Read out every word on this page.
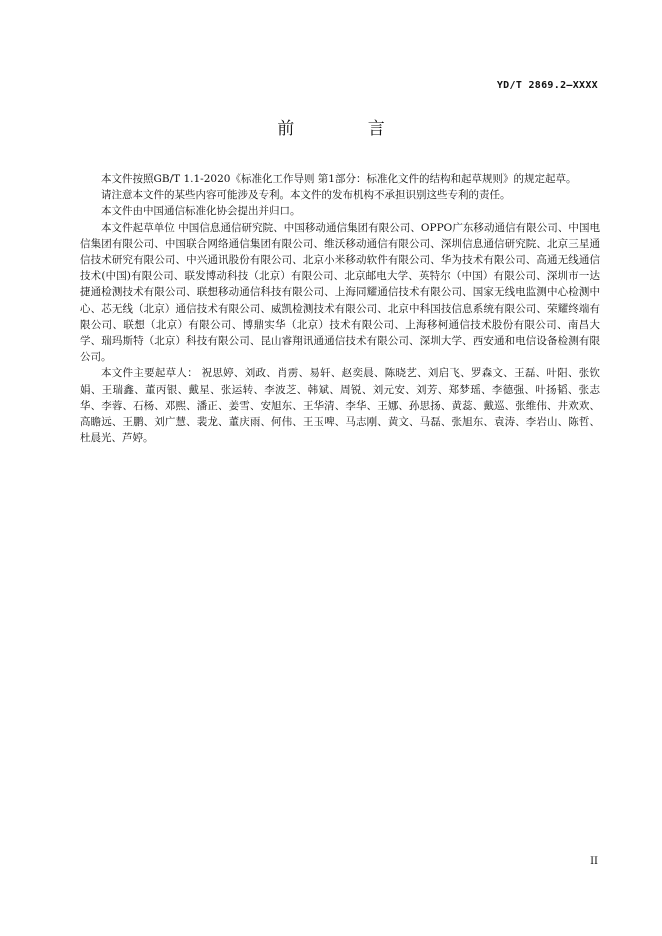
YD/T 2869.2—XXXX
前 言

本文件按照GB/T 1.1-2020《标准化工作导则 第1部分：标准化文件的结构和起草规则》的规定起草。

请注意本文件的某些内容可能涉及专利。本文件的发布机构不承担识别这些专利的责任。

本文件由中国通信标准化协会提出并归口。

本文件起草单位 中国信息通信研究院、中国移动通信集团有限公司、OPPO广东移动通信有限公司、中国电信集团有限公司、中国联合网络通信集团有限公司、维沃移动通信有限公司、深圳信息通信研究院、北京三星通信技术研究有限公司、中兴通讯股份有限公司、北京小米移动软件有限公司、华为技术有限公司、高通无线通信技术(中国)有限公司、联发博动科技（北京）有限公司、北京邮电大学、英特尔（中国）有限公司、深圳市一达捷通检测技术有限公司、联想移动通信科技有限公司、上海同耀通信技术有限公司、国家无线电监测中心检测中心、芯无线（北京）通信技术有限公司、威凯检测技术有限公司、北京中科国技信息系统有限公司、荣耀终端有限公司、联想（北京）有限公司、博鼎实华（北京）技术有限公司、上海移柯通信技术股份有限公司、南昌大学、瑞玛斯特（北京）科技有限公司、昆山睿翔讯通通信技术有限公司、深圳大学、西安通和电信设备检测有限公司。

本文件主要起草人： 祝思婷、刘政、肖雳、易轩、赵奕晨、陈晓艺、刘启飞、罗森文、王磊、叶阳、张钦娟、王瑞鑫、董丙银、戴星、张运转、李波芝、韩斌、周锐、刘元安、刘芳、郑梦瑶、李德强、叶扬韬、张志华、李蓉、石杨、邓熙、潘正、姜雪、安旭东、王华清、李华、王娜、孙思扬、黄蕊、戴巡、张维伟、井欢欢、高瞻远、王鹏、刘广慧、裴龙、董庆雨、何伟、王玉啤、马志刚、黄文、马磊、张旭东、袁涛、李岩山、陈哲、杜晨光、芦婷。

II
